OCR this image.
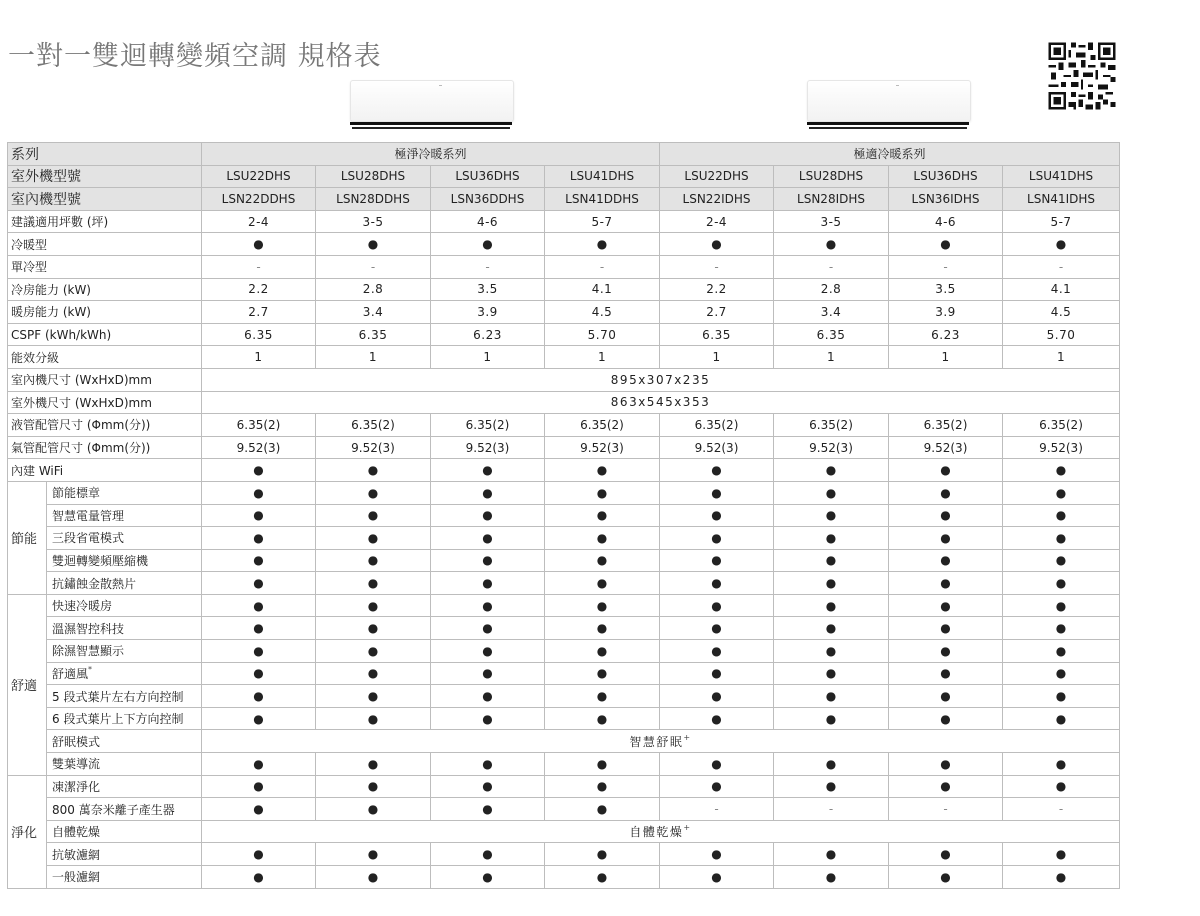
一對一雙迴轉變頻空調 規格表
系列		極淨冷暖系列				極適冷暖系列			
室外機型號		LSU22DHS	LSU28DHS	LSU36DHS	LSU41DHS	LSU22DHS	LSU28DHS	LSU36DHS	LSU41DHS
室內機型號		LSN22DDHS	LSN28DDHS	LSN36DDHS	LSN41DDHS	LSN22IDHS	LSN28IDHS	LSN36IDHS	LSN41IDHS
建議適用坪數 (坪)		2-4	3-5	4-6	5-7	2-4	3-5	4-6	5-7
冷暖型		●	●	●	●	●	●	●	●
單冷型		-	-	-	-	-	-	-	-
冷房能力 (kW)		2.2	2.8	3.5	4.1	2.2	2.8	3.5	4.1
暖房能力 (kW)		2.7	3.4	3.9	4.5	2.7	3.4	3.9	4.5
CSPF (kWh/kWh)		6.35	6.35	6.23	5.70	6.35	6.35	6.23	5.70
能效分級		1	1	1	1	1	1	1	1
室內機尺寸 (WxHxD)mm		895x307x235							
室外機尺寸 (WxHxD)mm		863x545x353							
液管配管尺寸 (Φmm(分))		6.35(2)	6.35(2)	6.35(2)	6.35(2)	6.35(2)	6.35(2)	6.35(2)	6.35(2)
氣管配管尺寸 (Φmm(分))		9.52(3)	9.52(3)	9.52(3)	9.52(3)	9.52(3)	9.52(3)	9.52(3)	9.52(3)
內建 WiFi		●	●	●	●	●	●	●	●
節能	節能標章	●	●	●	●	●	●	●	●
	智慧電量管理	●	●	●	●	●	●	●	●
	三段省電模式	●	●	●	●	●	●	●	●
	雙迴轉變頻壓縮機	●	●	●	●	●	●	●	●
	抗鏽蝕金散熱片	●	●	●	●	●	●	●	●
舒適	快速冷暖房	●	●	●	●	●	●	●	●
	溫濕智控科技	●	●	●	●	●	●	●	●
	除濕智慧顯示	●	●	●	●	●	●	●	●
	舒適風*	●	●	●	●	●	●	●	●
	5 段式葉片左右方向控制	●	●	●	●	●	●	●	●
	6 段式葉片上下方向控制	●	●	●	●	●	●	●	●
	舒眠模式	智慧舒眠+
	雙葉導流	●	●	●	●	●	●	●	●
淨化	凍潔淨化	●	●	●	●	●	●	●	●
	800 萬奈米離子產生器	●	●	●	●	-	-	-	-
	自體乾燥	自體乾燥+
	抗敏濾網	●	●	●	●	●	●	●	●
	一般濾網	●	●	●	●	●	●	●	●
